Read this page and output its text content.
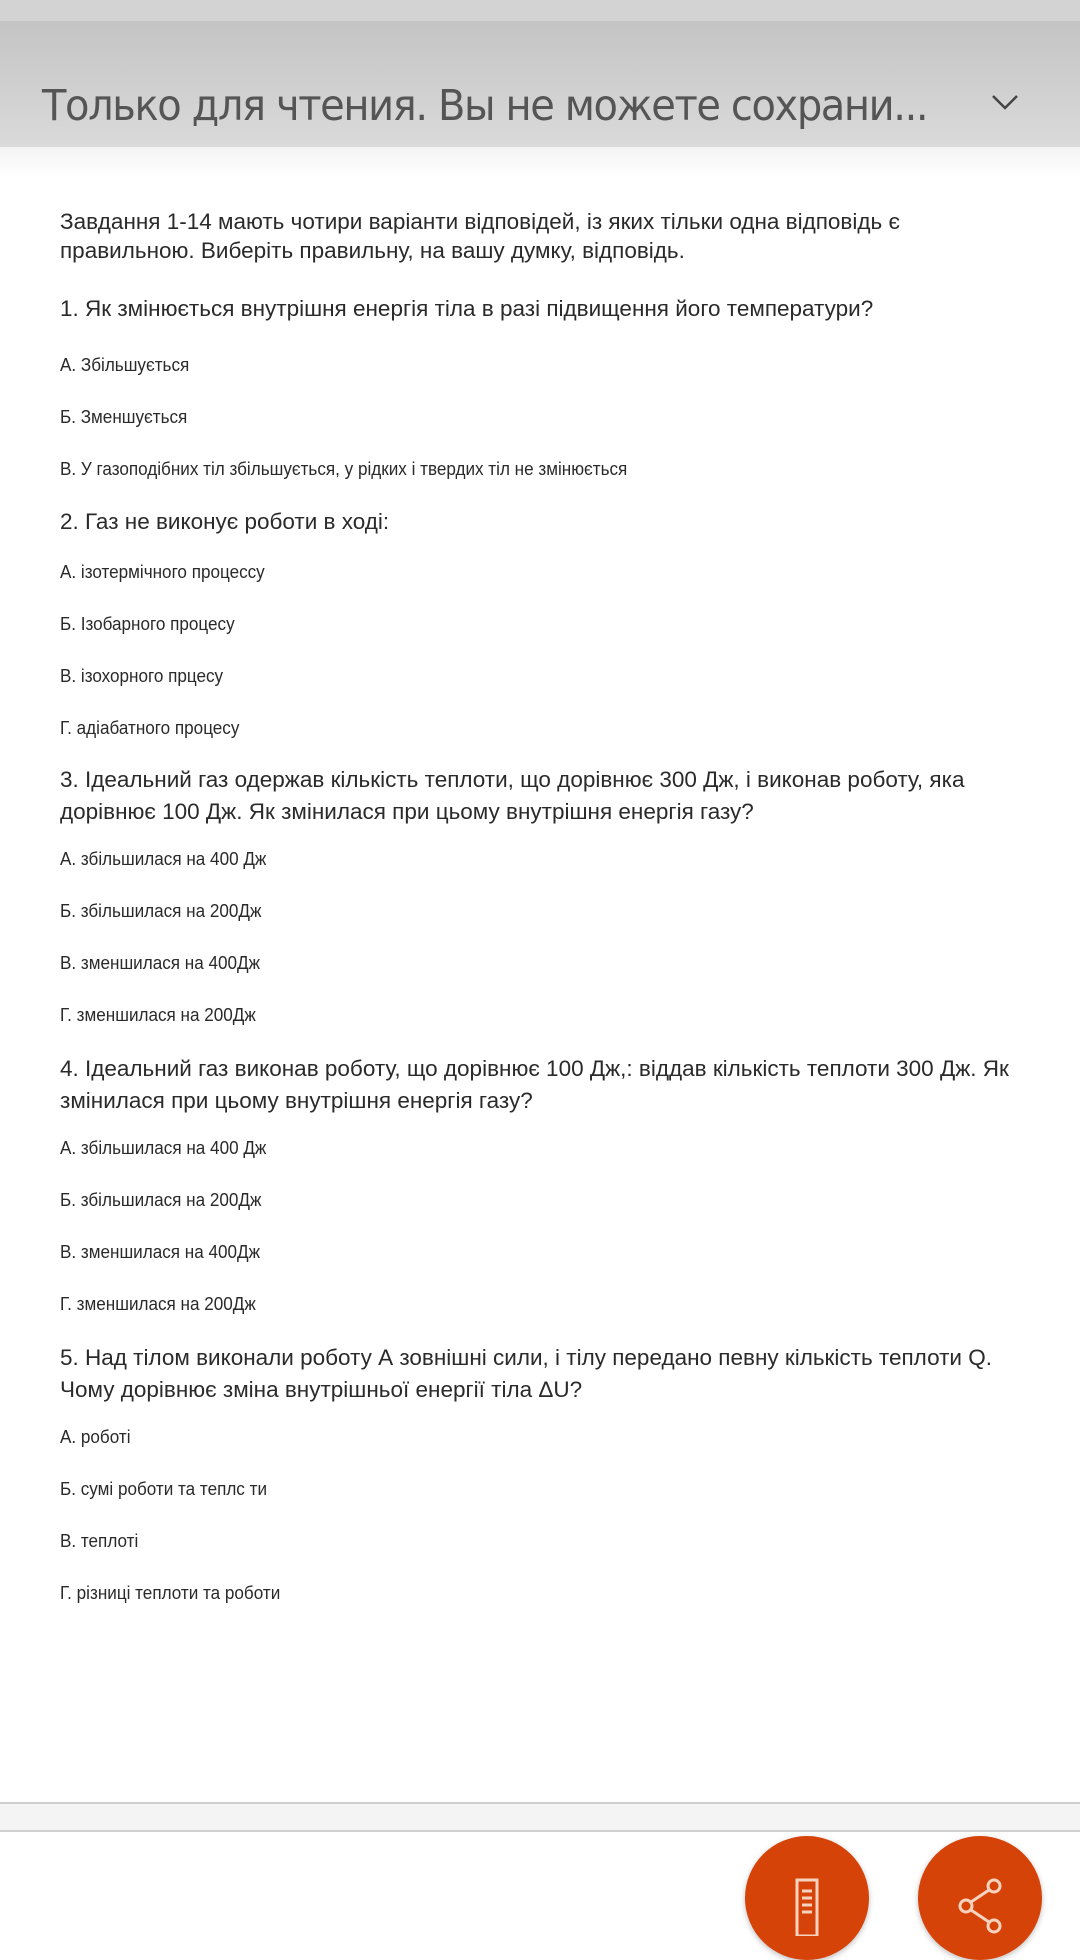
Только для чтения. Вы не можете сохрани...
Завдання 1-14 мають чотири варіанти відповідей, із яких тільки одна відповідь є
правильною. Виберіть правильну, на вашу думку, відповідь.
1. Як змінюється внутрішня енергія тіла в разі підвищення його температури?
А. Збільшується
Б. Зменшується
В. У газоподібних тіл збільшується, у рідких і твердих тіл не змінюється
2. Газ не виконує роботи в ході:
А. ізотермічного процессу
Б. Ізобарного процесу
В. ізохорного прцесу
Г. адіабатного процесу
3. Ідеальний газ одержав кількість теплоти, що дорівнює 300 Дж, і виконав роботу, яка
дорівнює 100 Дж. Як змінилася при цьому внутрішня енергія газу?
А. збільшилася на 400 Дж
Б. збільшилася на 200Дж
В. зменшилася на 400Дж
Г. зменшилася на 200Дж
4. Ідеальний газ виконав роботу, що дорівнює 100 Дж,: віддав кількість теплоти 300 Дж. Як
змінилася при цьому внутрішня енергія газу?
А. збільшилася на 400 Дж
Б. збільшилася на 200Дж
В. зменшилася на 400Дж
Г. зменшилася на 200Дж
5. Над тілом виконали роботу А зовнішні сили, і тілу передано певну кількість теплоти Q.
Чому дорівнює зміна внутрішньої енергії тіла ΔU?
А. роботі
Б. сумі роботи та теплс ти
В. теплоті
Г. різниці теплоти та роботи
